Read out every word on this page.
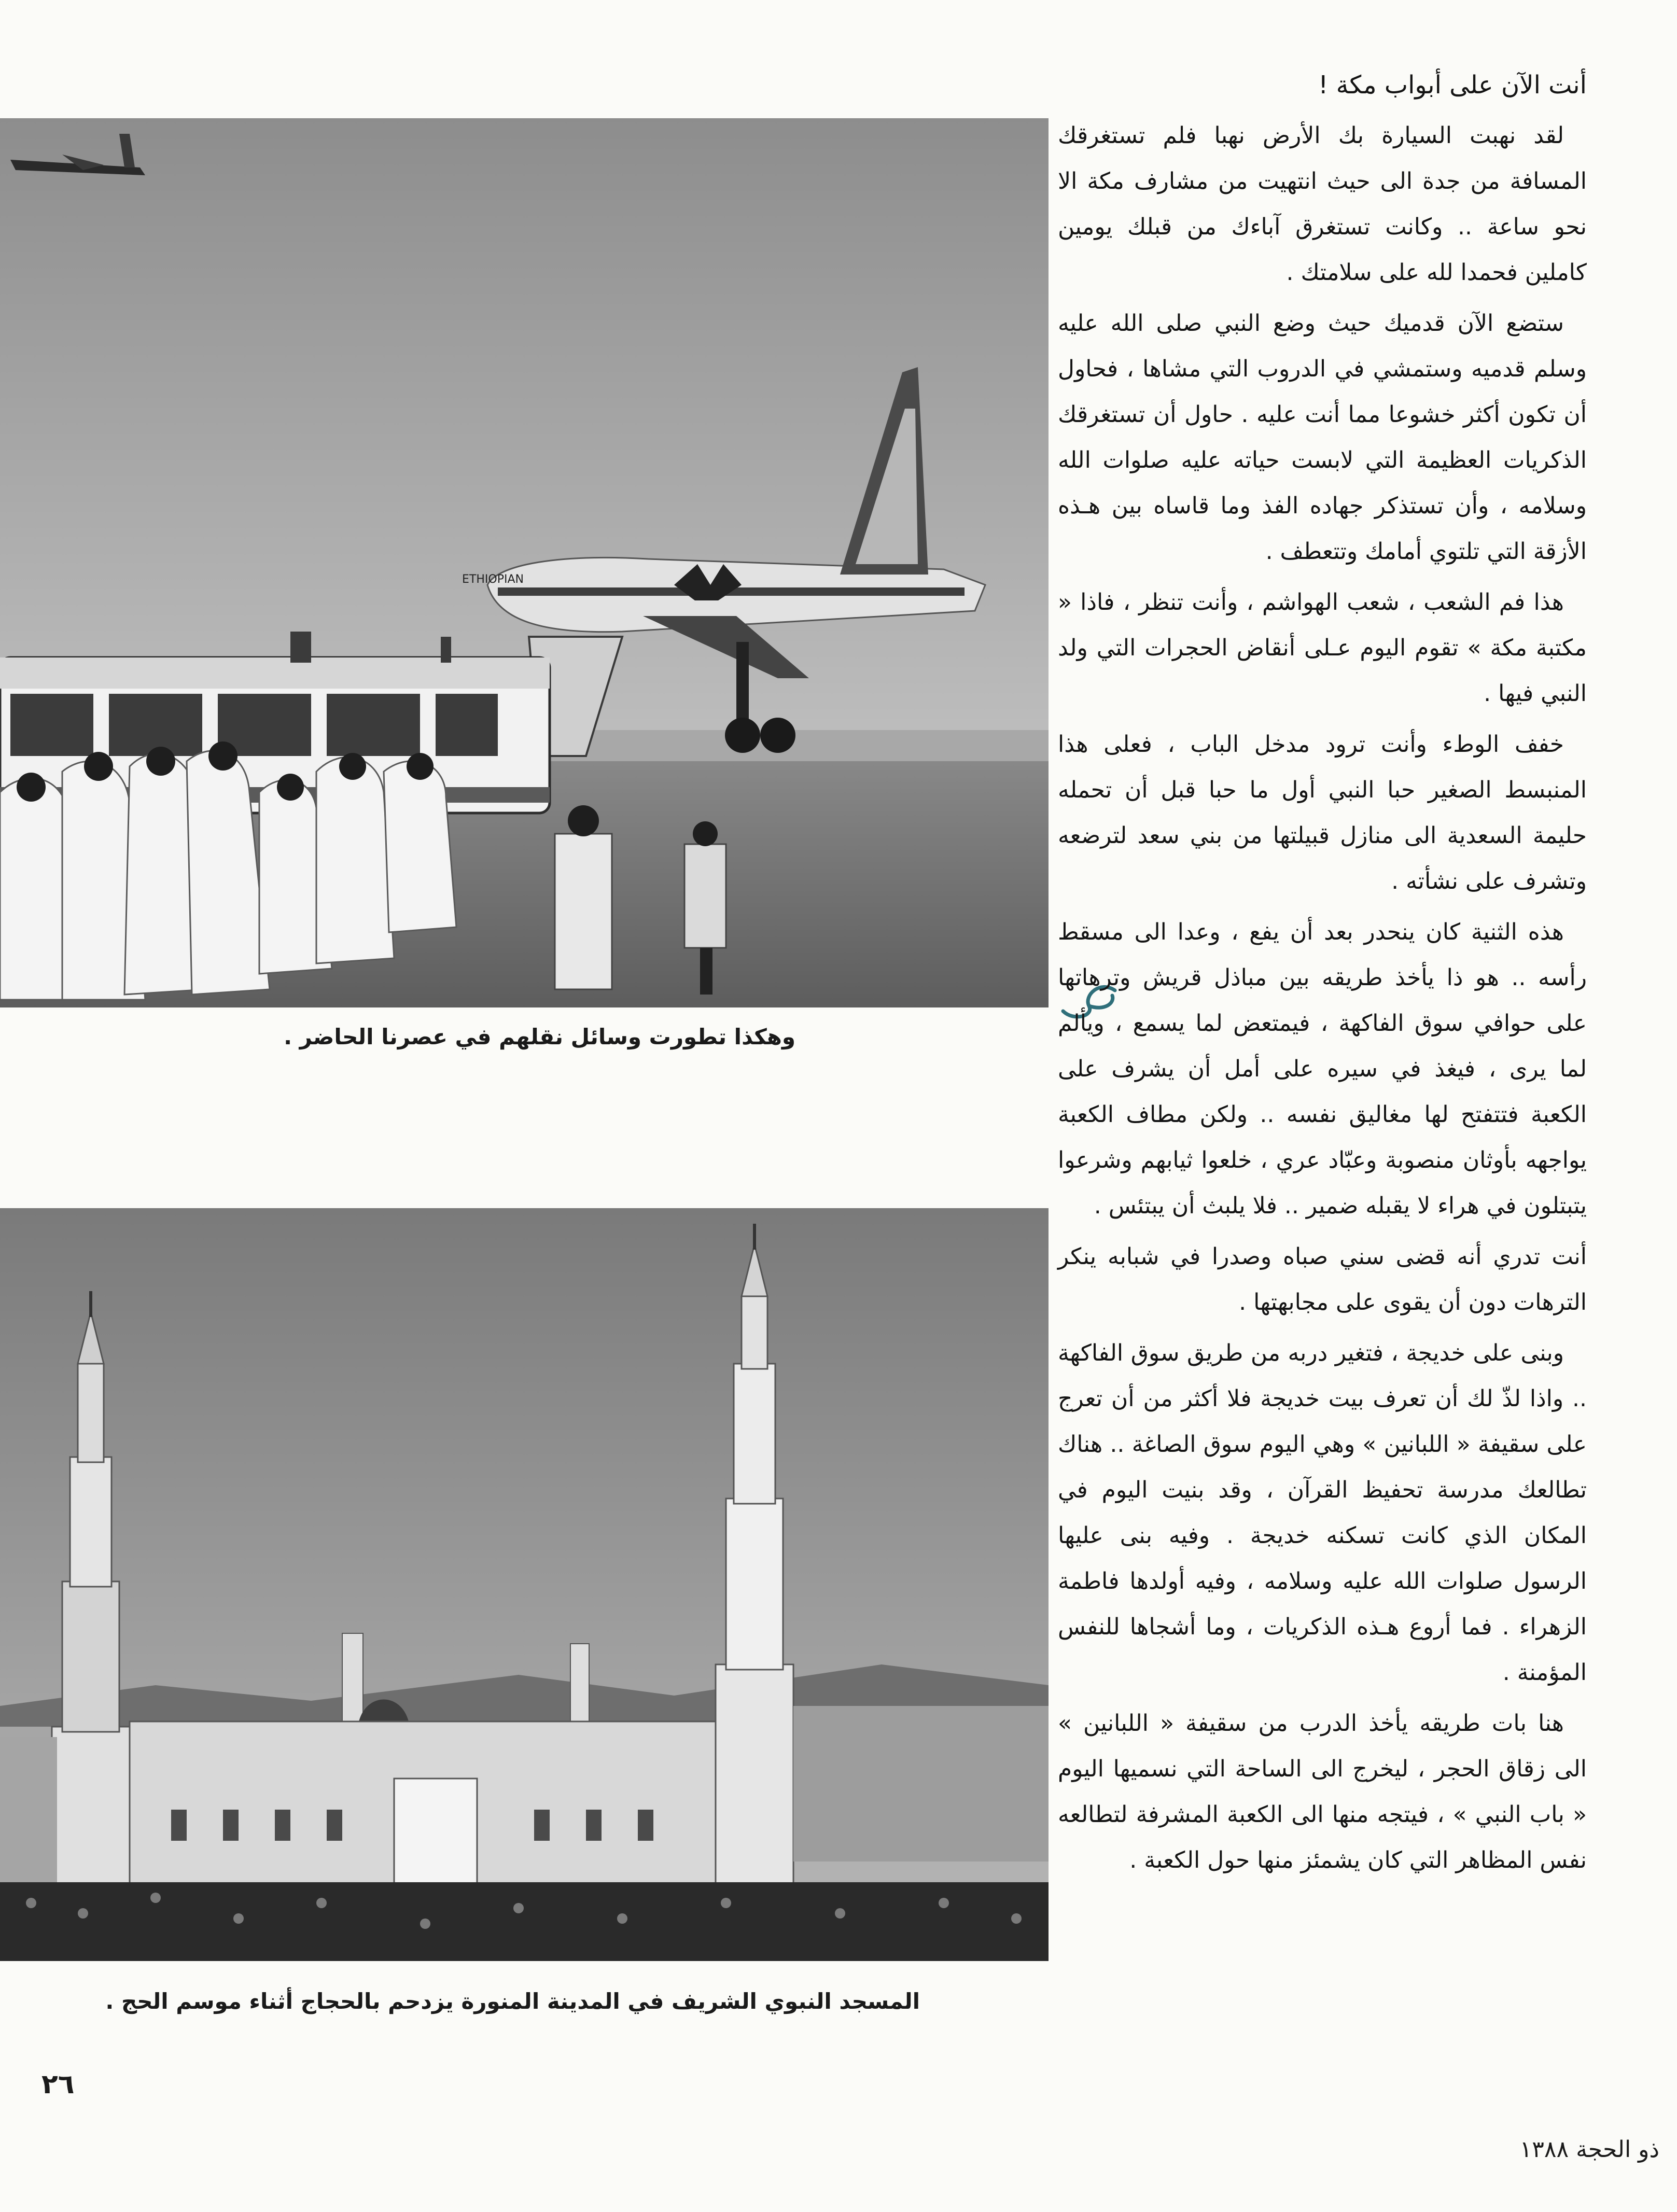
ETHIOPIAN
وهكذا تطورت وسائل نقلهم في عصرنا الحاضر .
المسجد النبوي الشريف في المدينة المنورة يزدحم بالحجاج أثناء موسم الحج .

أنت الآن على أبواب مكة !

لقد نهبت السيارة بك الأرض نهبا فلم تستغرقك المسافة من جدة الى حيث انتهيت من مشارف مكة الا نحو ساعة .. وكانت تستغرق آباءك من قبلك يومين كاملين فحمدا لله على سلامتك .

ستضع الآن قدميك حيث وضع النبي صلى الله عليه وسلم قدميه وستمشي في الدروب التي مشاها ، فحاول أن تكون أكثر خشوعا مما أنت عليه . حاول أن تستغرقك الذكريات العظيمة التي لابست حياته عليه صلوات الله وسلامه ، وأن تستذكر جهاده الفذ وما قاساه بين هـذه الأزقة التي تلتوي أمامك وتتعطف .

هذا فم الشعب ، شعب الهواشم ، وأنت تنظر ، فاذا « مكتبة مكة » تقوم اليوم عـلى أنقاض الحجرات التي ولد النبي فيها .

خفف الوطء وأنت ترود مدخل الباب ، فعلى هذا المنبسط الصغير حبا النبي أول ما حبا قبل أن تحمله حليمة السعدية الى منازل قبيلتها من بني سعد لترضعه وتشرف على نشأته .

هذه الثنية كان ينحدر بعد أن يفع ، وعدا الى مسقط رأسه .. هو ذا يأخذ طريقه بين مباذل قريش وترهاتها على حوافي سوق الفاكهة ، فيمتعض لما يسمع ، ويألم لما يرى ، فيغذ في سيره على أمل أن يشرف على الكعبة فتتفتح لها مغاليق نفسه .. ولكن مطاف الكعبة يواجهه بأوثان منصوبة وعبّاد عري ، خلعوا ثيابهم وشرعوا يتبتلون في هراء لا يقبله ضمير .. فلا يلبث أن يبتئس .

أنت تدري أنه قضى سني صباه وصدرا في شبابه ينكر الترهات دون أن يقوى على مجابهتها .

وبنى على خديجة ، فتغير دربه من طريق سوق الفاكهة .. واذا لذّ لك أن تعرف بيت خديجة فلا أكثر من أن تعرج على سقيفة « اللبانين » وهي اليوم سوق الصاغة .. هناك تطالعك مدرسة تحفيظ القرآن ، وقد بنيت اليوم في المكان الذي كانت تسكنه خديجة . وفيه بنى عليها الرسول صلوات الله عليه وسلامه ، وفيه أولدها فاطمة الزهراء . فما أروع هـذه الذكريات ، وما أشجاها للنفس المؤمنة .

هنا بات طريقه يأخذ الدرب من سقيفة « اللبانين » الى زقاق الحجر ، ليخرج الى الساحة التي نسميها اليوم « باب النبي » ، فيتجه منها الى الكعبة المشرفة لتطالعه نفس المظاهر التي كان يشمئز منها حول الكعبة .

٢٦
ذو الحجة ١٣٨٨
